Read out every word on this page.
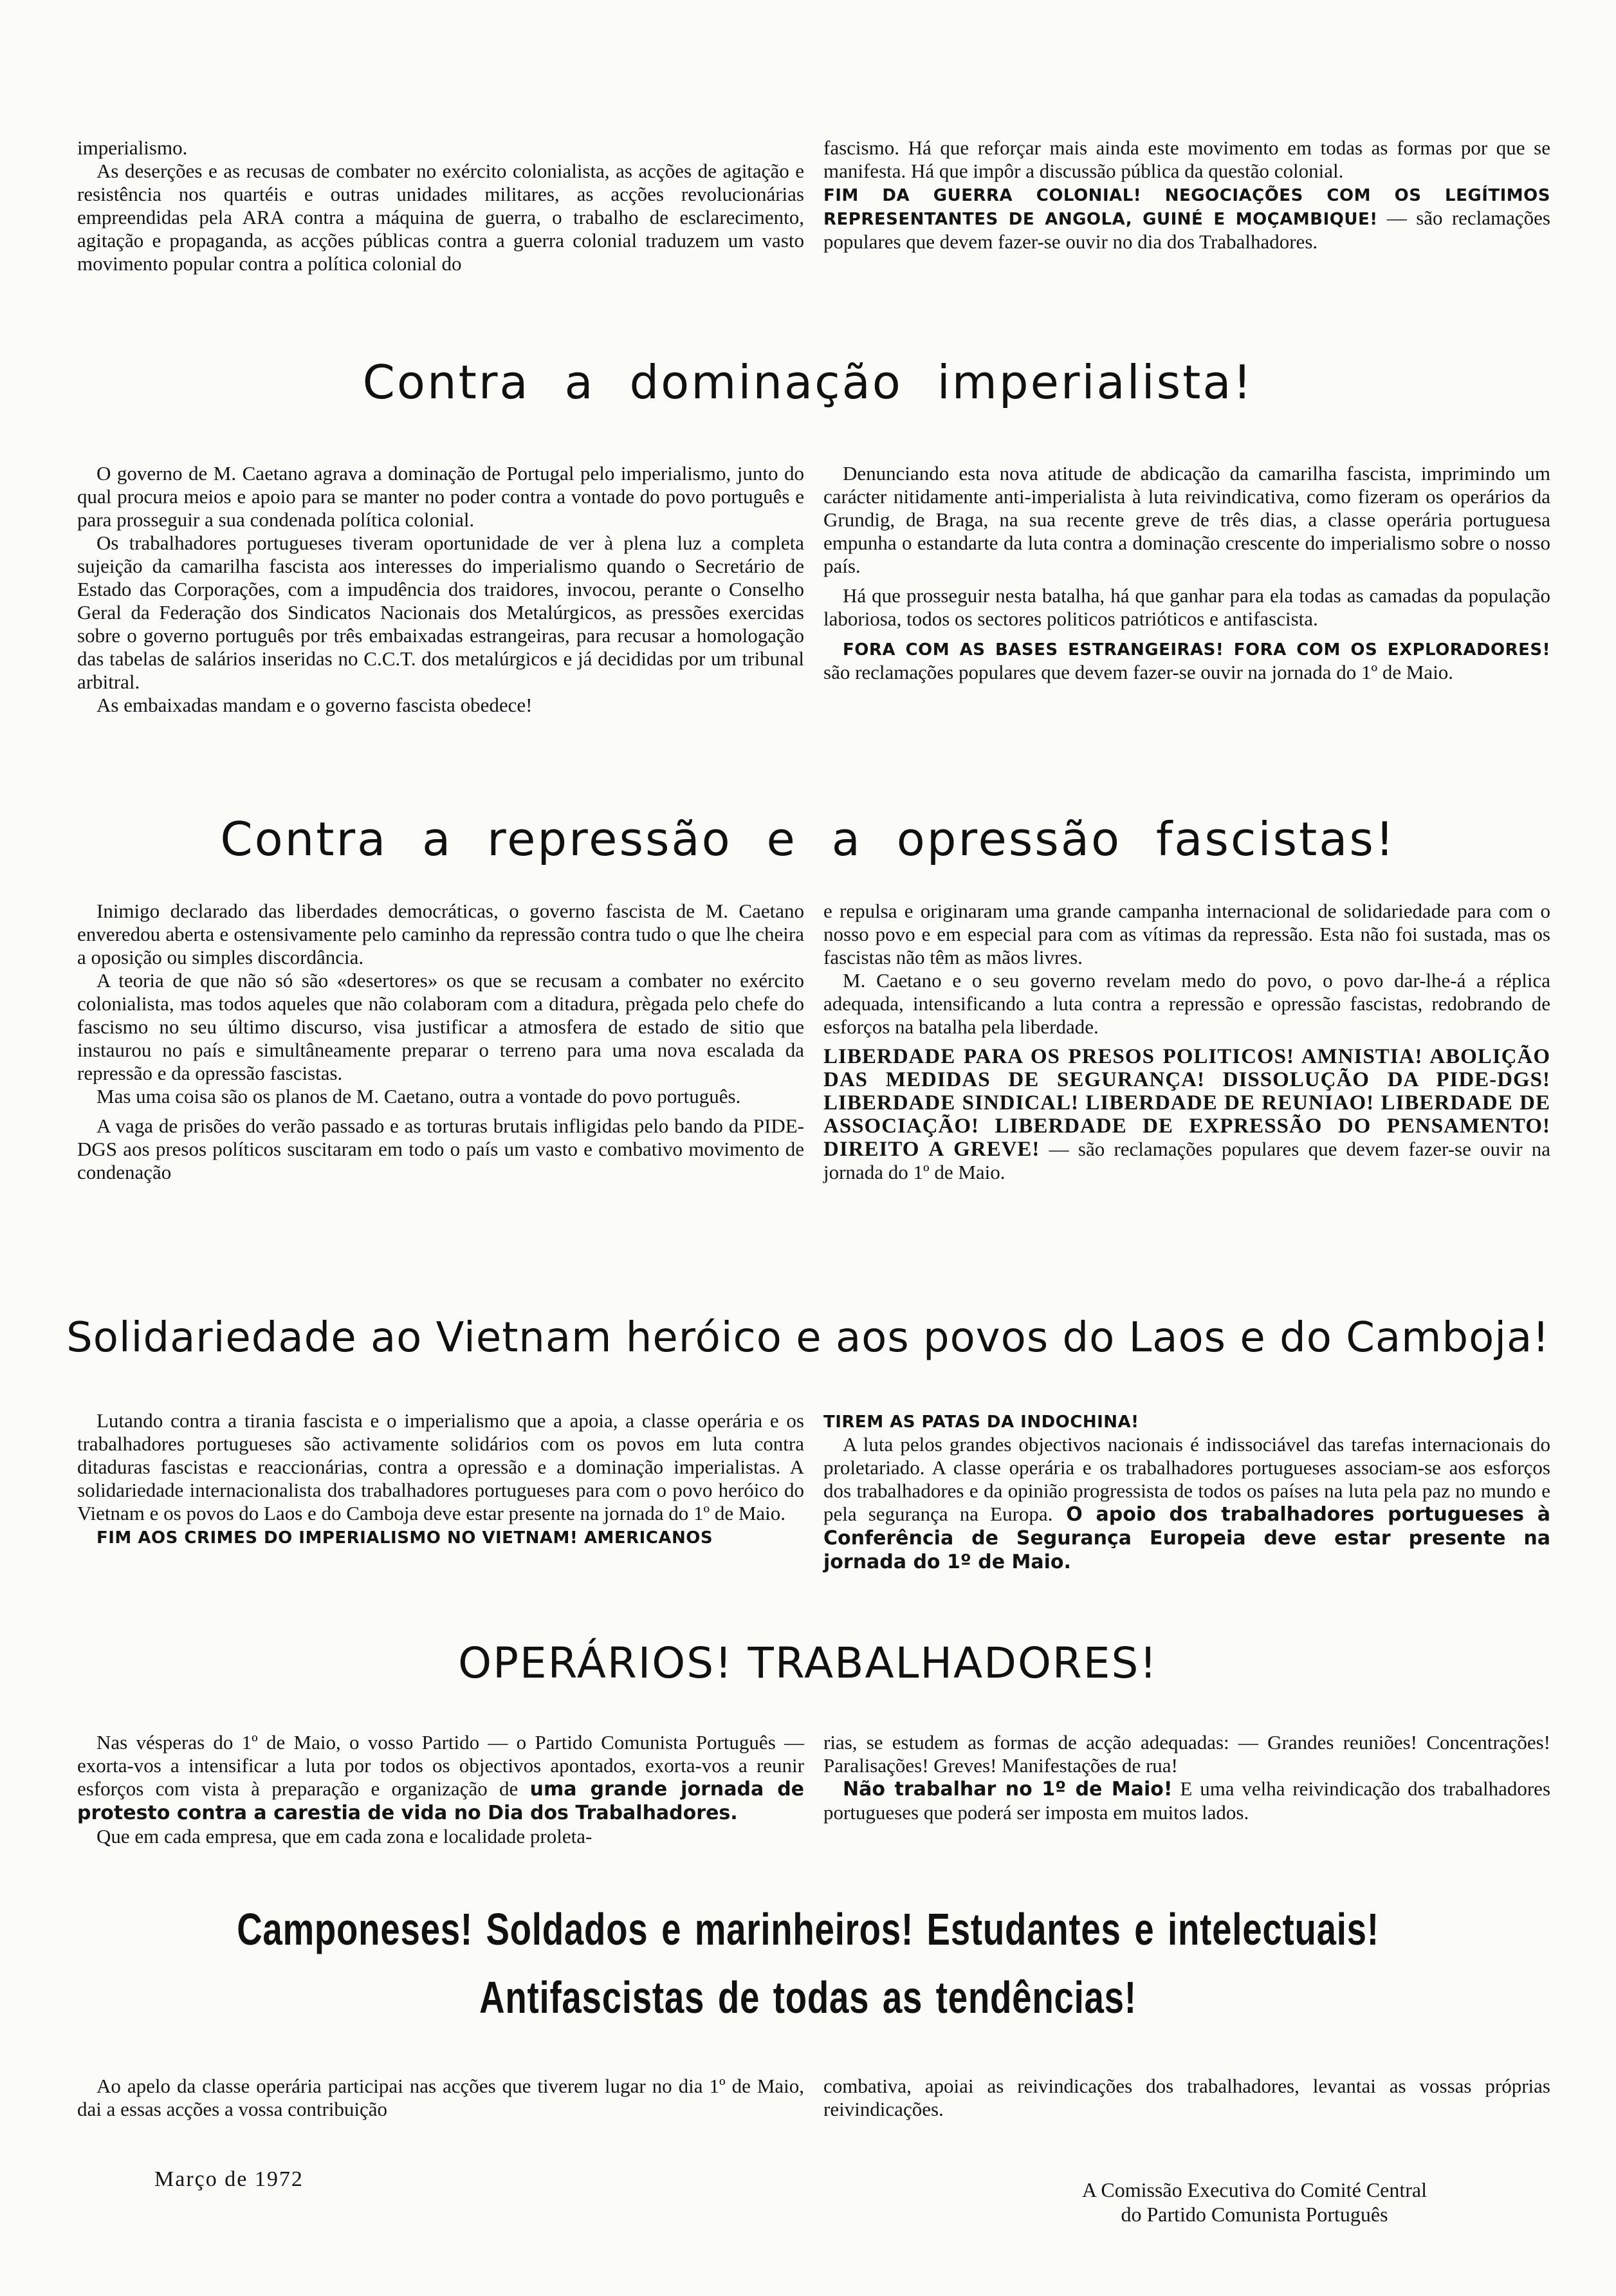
imperialismo.

As deserções e as recusas de combater no exército colonialista, as acções de agitação e resistência nos quartéis e outras unidades militares, as acções revolucionárias empreendidas pela ARA contra a máquina de guerra, o trabalho de esclarecimento, agitação e propaganda, as acções públicas contra a guerra colonial traduzem um vasto movimento popular contra a política colonial do

fascismo. Há que reforçar mais ainda este movimento em todas as formas por que se manifesta. Há que impôr a discussão pública da questão colonial.

FIM DA GUERRA COLONIAL! NEGOCIAÇÕES COM OS LEGÍTIMOS REPRESENTANTES DE ANGOLA, GUINÉ E MOÇAMBIQUE! — são reclamações populares que devem fazer-se ouvir no dia dos Trabalhadores.

Contra a dominação imperialista!

O governo de M. Caetano agrava a dominação de Portugal pelo imperialismo, junto do qual procura meios e apoio para se manter no poder contra a vontade do povo português e para prosseguir a sua condenada política colonial.

Os trabalhadores portugueses tiveram oportunidade de ver à plena luz a completa sujeição da camarilha fascista aos interesses do imperialismo quando o Secretário de Estado das Corporações, com a impudência dos traidores, invocou, perante o Conselho Geral da Federação dos Sindicatos Nacionais dos Metalúrgicos, as pressões exercidas sobre o governo português por três embaixadas estrangeiras, para recusar a homologação das tabelas de salários inseridas no C.C.T. dos metalúrgicos e já decididas por um tribunal arbitral.

As embaixadas mandam e o governo fascista obedece!

Denunciando esta nova atitude de abdicação da camarilha fascista, imprimindo um carácter nitidamente anti-imperialista à luta reivindicativa, como fizeram os operários da Grundig, de Braga, na sua recente greve de três dias, a classe operária portuguesa empunha o estandarte da luta contra a dominação crescente do imperialismo sobre o nosso país.

Há que prosseguir nesta batalha, há que ganhar para ela todas as camadas da população laboriosa, todos os sectores politicos patrióticos e antifascista.

FORA COM AS BASES ESTRANGEIRAS! FORA COM OS EXPLORADORES! são reclamações populares que devem fazer-se ouvir na jornada do 1º de Maio.

Contra a repressão e a opressão fascistas!

Inimigo declarado das liberdades democráticas, o governo fascista de M. Caetano enveredou aberta e ostensivamente pelo caminho da repressão contra tudo o que lhe cheira a oposição ou simples discordância.

A teoria de que não só são «desertores» os que se recusam a combater no exército colonialista, mas todos aqueles que não colaboram com a ditadura, prègada pelo chefe do fascismo no seu último discurso, visa justificar a atmosfera de estado de sitio que instaurou no país e simultâneamente preparar o terreno para uma nova escalada da repressão e da opressão fascistas.

Mas uma coisa são os planos de M. Caetano, outra a vontade do povo português.

A vaga de prisões do verão passado e as torturas brutais infligidas pelo bando da PIDE-DGS aos presos políticos suscitaram em todo o país um vasto e combativo movimento de condenação

e repulsa e originaram uma grande campanha internacional de solidariedade para com o nosso povo e em especial para com as vítimas da repressão. Esta não foi sustada, mas os fascistas não têm as mãos livres.

M. Caetano e o seu governo revelam medo do povo, o povo dar-lhe-á a réplica adequada, intensificando a luta contra a repressão e opressão fascistas, redobrando de esforços na batalha pela liberdade.

LIBERDADE PARA OS PRESOS POLITICOS! AMNISTIA! ABOLIÇÃO DAS MEDIDAS DE SEGURANÇA! DISSOLUÇÃO DA PIDE-DGS! LIBERDADE SINDICAL! LIBERDADE DE REUNIAO! LIBERDADE DE ASSOCIAÇÃO! LIBERDADE DE EXPRESSÃO DO PENSAMENTO! DIREITO A GREVE! — são reclamações populares que devem fazer-se ouvir na jornada do 1º de Maio.

Solidariedade ao Vietnam heróico e aos povos do Laos e do Camboja!

Lutando contra a tirania fascista e o imperialismo que a apoia, a classe operária e os trabalhadores portugueses são activamente solidários com os povos em luta contra ditaduras fascistas e reaccionárias, contra a opressão e a dominação imperialistas. A solidariedade internacionalista dos trabalhadores portugueses para com o povo heróico do Vietnam e os povos do Laos e do Camboja deve estar presente na jornada do 1º de Maio.

FIM AOS CRIMES DO IMPERIALISMO NO VIETNAM! AMERICANOS

TIREM AS PATAS DA INDOCHINA!

A luta pelos grandes objectivos nacionais é indissociável das tarefas internacionais do proletariado. A classe operária e os trabalhadores portugueses associam-se aos esforços dos trabalhadores e da opinião progressista de todos os países na luta pela paz no mundo e pela segurança na Europa. O apoio dos trabalhadores portugueses à Conferência de Segurança Europeia deve estar presente na jornada do 1º de Maio.

OPERÁRIOS! TRABALHADORES!

Nas vésperas do 1º de Maio, o vosso Partido — o Partido Comunista Português — exorta-vos a intensificar a luta por todos os objectivos apontados, exorta-vos a reunir esforços com vista à preparação e organização de uma grande jornada de protesto contra a carestia de vida no Dia dos Trabalhadores.

Que em cada empresa, que em cada zona e localidade proleta-

rias, se estudem as formas de acção adequadas: — Grandes reuniões! Concentrações! Paralisações! Greves! Manifestações de rua!

Não trabalhar no 1º de Maio! E uma velha reivindicação dos trabalhadores portugueses que poderá ser imposta em muitos lados.

Camponeses! Soldados e marinheiros! Estudantes e intelectuais!
Antifascistas de todas as tendências!

Ao apelo da classe operária participai nas acções que tiverem lugar no dia 1º de Maio, dai a essas acções a vossa contribuição

combativa, apoiai as reivindicações dos trabalhadores, levantai as vossas próprias reivindicações.

Março de 1972	A Comissão Executiva do Comité Central
do Partido Comunista Português
